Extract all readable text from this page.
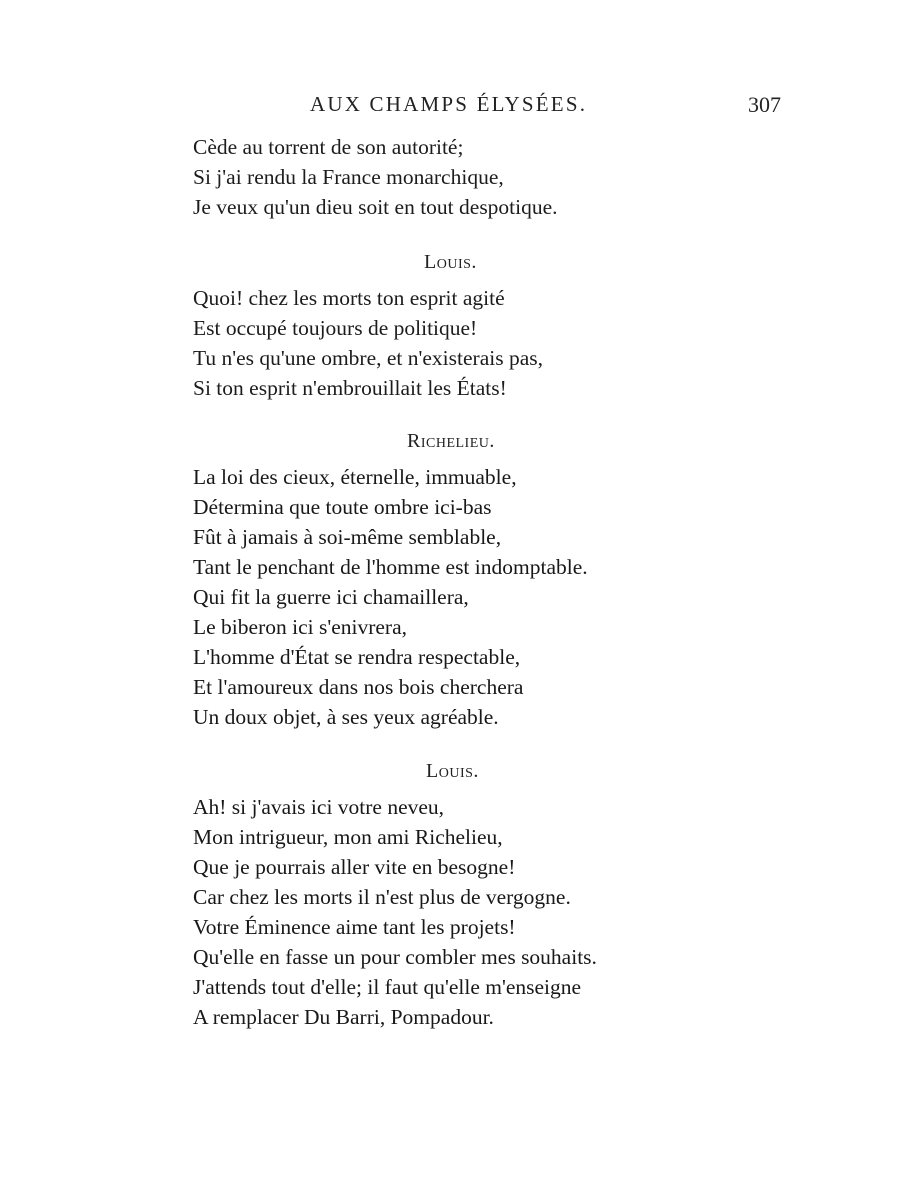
AUX CHAMPS ÉLYSÉES.	307

Cède au torrent de son autorité;

Si j'ai rendu la France monarchique,

Je veux qu'un dieu soit en tout despotique.

Louis.

Quoi! chez les morts ton esprit agité

Est occupé toujours de politique!

Tu n'es qu'une ombre, et n'existerais pas,

Si ton esprit n'embrouillait les États!

Richelieu.

La loi des cieux, éternelle, immuable,

Détermina que toute ombre ici-bas

Fût à jamais à soi-même semblable,

Tant le penchant de l'homme est indomptable.

Qui fit la guerre ici chamaillera,

Le biberon ici s'enivrera,

L'homme d'État se rendra respectable,

Et l'amoureux dans nos bois cherchera

Un doux objet, à ses yeux agréable.

Louis.

Ah! si j'avais ici votre neveu,

Mon intrigueur, mon ami Richelieu,

Que je pourrais aller vite en besogne!

Car chez les morts il n'est plus de vergogne.

Votre Éminence aime tant les projets!

Qu'elle en fasse un pour combler mes souhaits.

J'attends tout d'elle; il faut qu'elle m'enseigne

A remplacer Du Barri, Pompadour.
